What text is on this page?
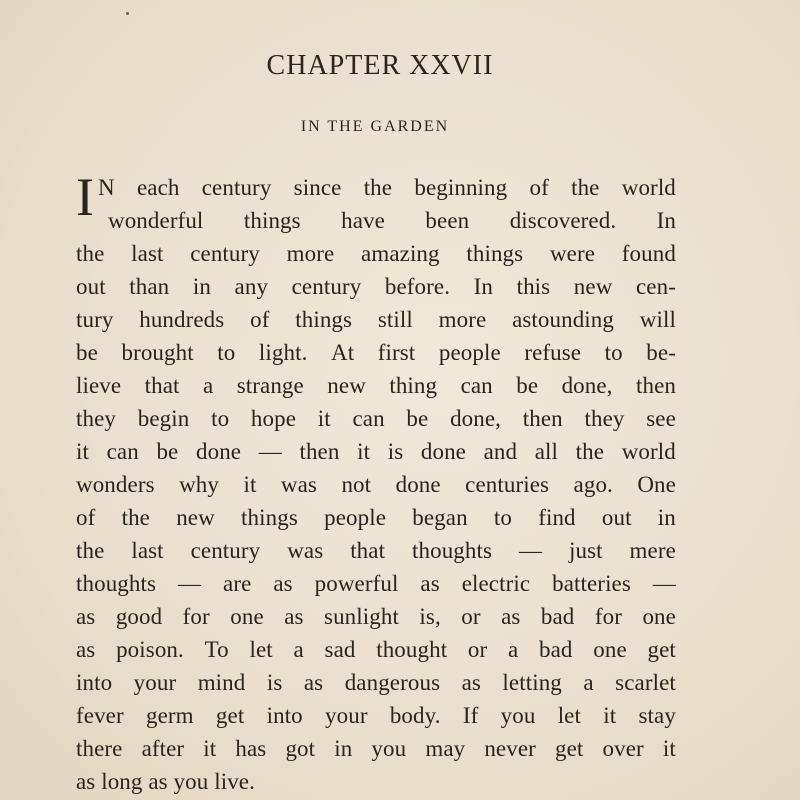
CHAPTER XXVII
IN THE GARDEN
I N each century since the beginning of the world
wonderful things have been discovered. In
the last century more amazing things were found
out than in any century before. In this new cen-
tury hundreds of things still more astounding will
be brought to light. At first people refuse to be-
lieve that a strange new thing can be done, then
they begin to hope it can be done, then they see
it can be done — then it is done and all the world
wonders why it was not done centuries ago. One
of the new things people began to find out in
the last century was that thoughts — just mere
thoughts — are as powerful as electric batteries —
as good for one as sunlight is, or as bad for one
as poison. To let a sad thought or a bad one get
into your mind is as dangerous as letting a scarlet
fever germ get into your body. If you let it stay
there after it has got in you may never get over it
as long as you live.
